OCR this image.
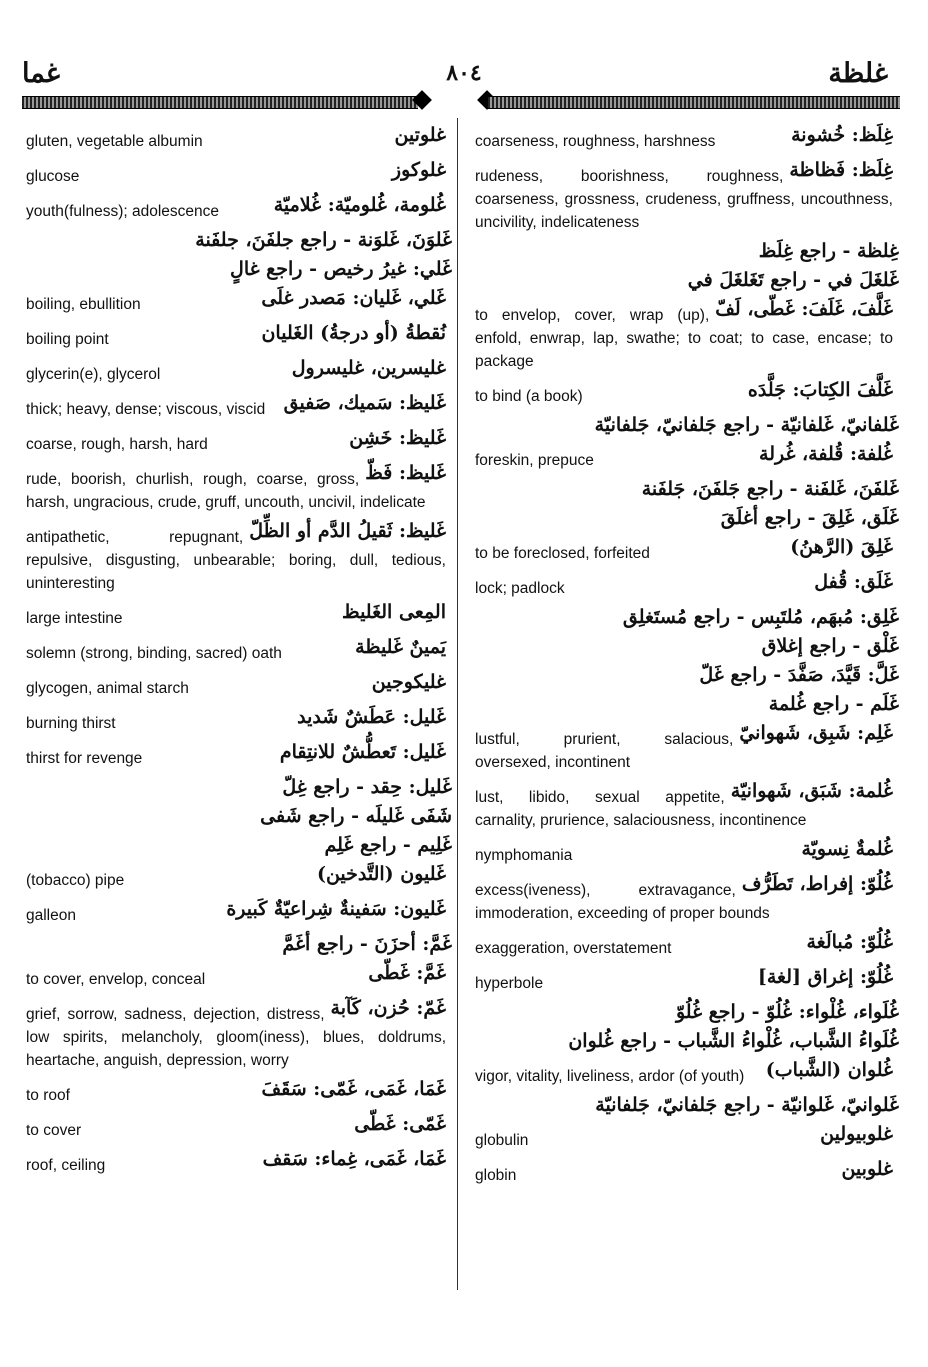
غما	٨٠٤	غلظة
غلوتين
gluten, vegetable albumin
غلوكوز
glucose
غُلومة، غُلوميّة: غُلاميّة
youth(fulness); adolescence
غَلوَنَ، غَلوَنة - راجع جلفَنَ، جلفَنة
غَلي: غيرُ رخيص - راجع غالٍ
غَلي، غَليان: مَصدر غلَى
boiling, ebullition
نُقطةُ (أو درجةُ) الغَليان
boiling point
غليسرين، غليسرول
glycerin(e), glycerol
غَليظ: سَميك، صَفيق
thick; heavy, dense; viscous, viscid
غَليظ: خَشِن
coarse, rough, harsh, hard
غَليظ: فَظّ
rude, boorish, churlish, rough, coarse, gross, harsh, ungracious, crude, gruff, uncouth, uncivil, indelicate
غَليظ: ثَقيلُ الدَّم أو الظِّلّ
antipathetic, repugnant, repulsive, disgusting, unbearable; boring, dull, tedious, uninteresting
المِعى الغَليظ
large intestine
يَمينٌ غَليظة
solemn (strong, binding, sacred) oath
غليكوجين
glycogen, animal starch
غَليل: عَطَشٌ شَديد
burning thirst
غَليل: تَعطُّشٌ للانتِقام
thirst for revenge
غَليل: حِقد - راجع غِلّ
شَفَى غَليلَه - راجع شَفى
غَلِيم - راجع غَلِم
غَليون (التَّدخين)
(tobacco) pipe
غَليون: سَفينةٌ شِراعيّةٌ كَبيرة
galleon
غَمَّ: أحزَنَ - راجع أغَمَّ
غَمَّ: غَطّى
to cover, envelop, conceal
غَمّ: حُزن، كَآبة
grief, sorrow, sadness, dejection, distress, low spirits, melancholy, gloom(iness), blues, doldrums, heartache, anguish, depression, worry
غَمَا، غَمَى، غَمّى: سَقَفَ
to roof
غَمّى: غَطّى
to cover
غَمَا، غَمَى، غِماء: سَقف
roof, ceiling
غِلَظ: خُشونة
coarseness, roughness, harshness
غِلَظ: فَظاظة
rudeness, boorishness, roughness, coarseness, grossness, crudeness, gruffness, uncouthness, uncivility, indelicateness
غِلظة - راجع غِلَظ
غَلغَلَ في - راجع تَغَلغَلَ في
غَلَّفَ، غَلَفَ: غَطّى، لَفّ
to envelop, cover, wrap (up), enfold, enwrap, lap, swathe; to coat; to case, encase; to package
غَلَّفَ الكِتابَ: جَلَّدَه
to bind (a book)
غَلفانيّ، غَلفانيّة - راجع جَلفانيّ، جَلفانيّة
غُلفة: قُلفة، غُرلة
foreskin, prepuce
غَلفَنَ، غَلفَنة - راجع جَلفَنَ، جَلفَنة
غَلَق، غَلِقَ - راجع أغلَقَ
غَلِقَ (الرَّهنُ)
to be foreclosed, forfeited
غَلَق: قُفل
lock; padlock
غَلِق: مُبهَم، مُلتَبِس - راجع مُستَغلِق
غَلْق - راجع إغلاق
غَلَّ: قَيَّدَ، صَفَّدَ - راجع غَلّ
غَلَم - راجع غُلمة
غَلِم: شَبِق، شَهوانيّ
lustful, prurient, salacious, oversexed, incontinent
غُلمة: شَبَق، شَهوانيّة
lust, libido, sexual appetite, carnality, prurience, salaciousness, incontinence
غُلمةٌ نِسويّة
nymphomania
غُلُوّ: إفراط، تَطَرُّف
excess(iveness), extravagance, immoderation, exceeding of proper bounds
غُلُوّ: مُبالَغة
exaggeration, overstatement
غُلُوّ: إغراق [لغة]
hyperbole
غُلَواء، غُلْواء: غُلُوّ - راجع غُلُوّ
غُلَواءُ الشَّباب، غُلْواءُ الشَّباب - راجع غُلوان
غُلوان (الشَّباب)
vigor, vitality, liveliness, ardor (of youth)
غَلوانيّ، غَلوانيّة - راجع جَلفانيّ، جَلفانيّة
غلوبيولين
globulin
غلوبين
globin
